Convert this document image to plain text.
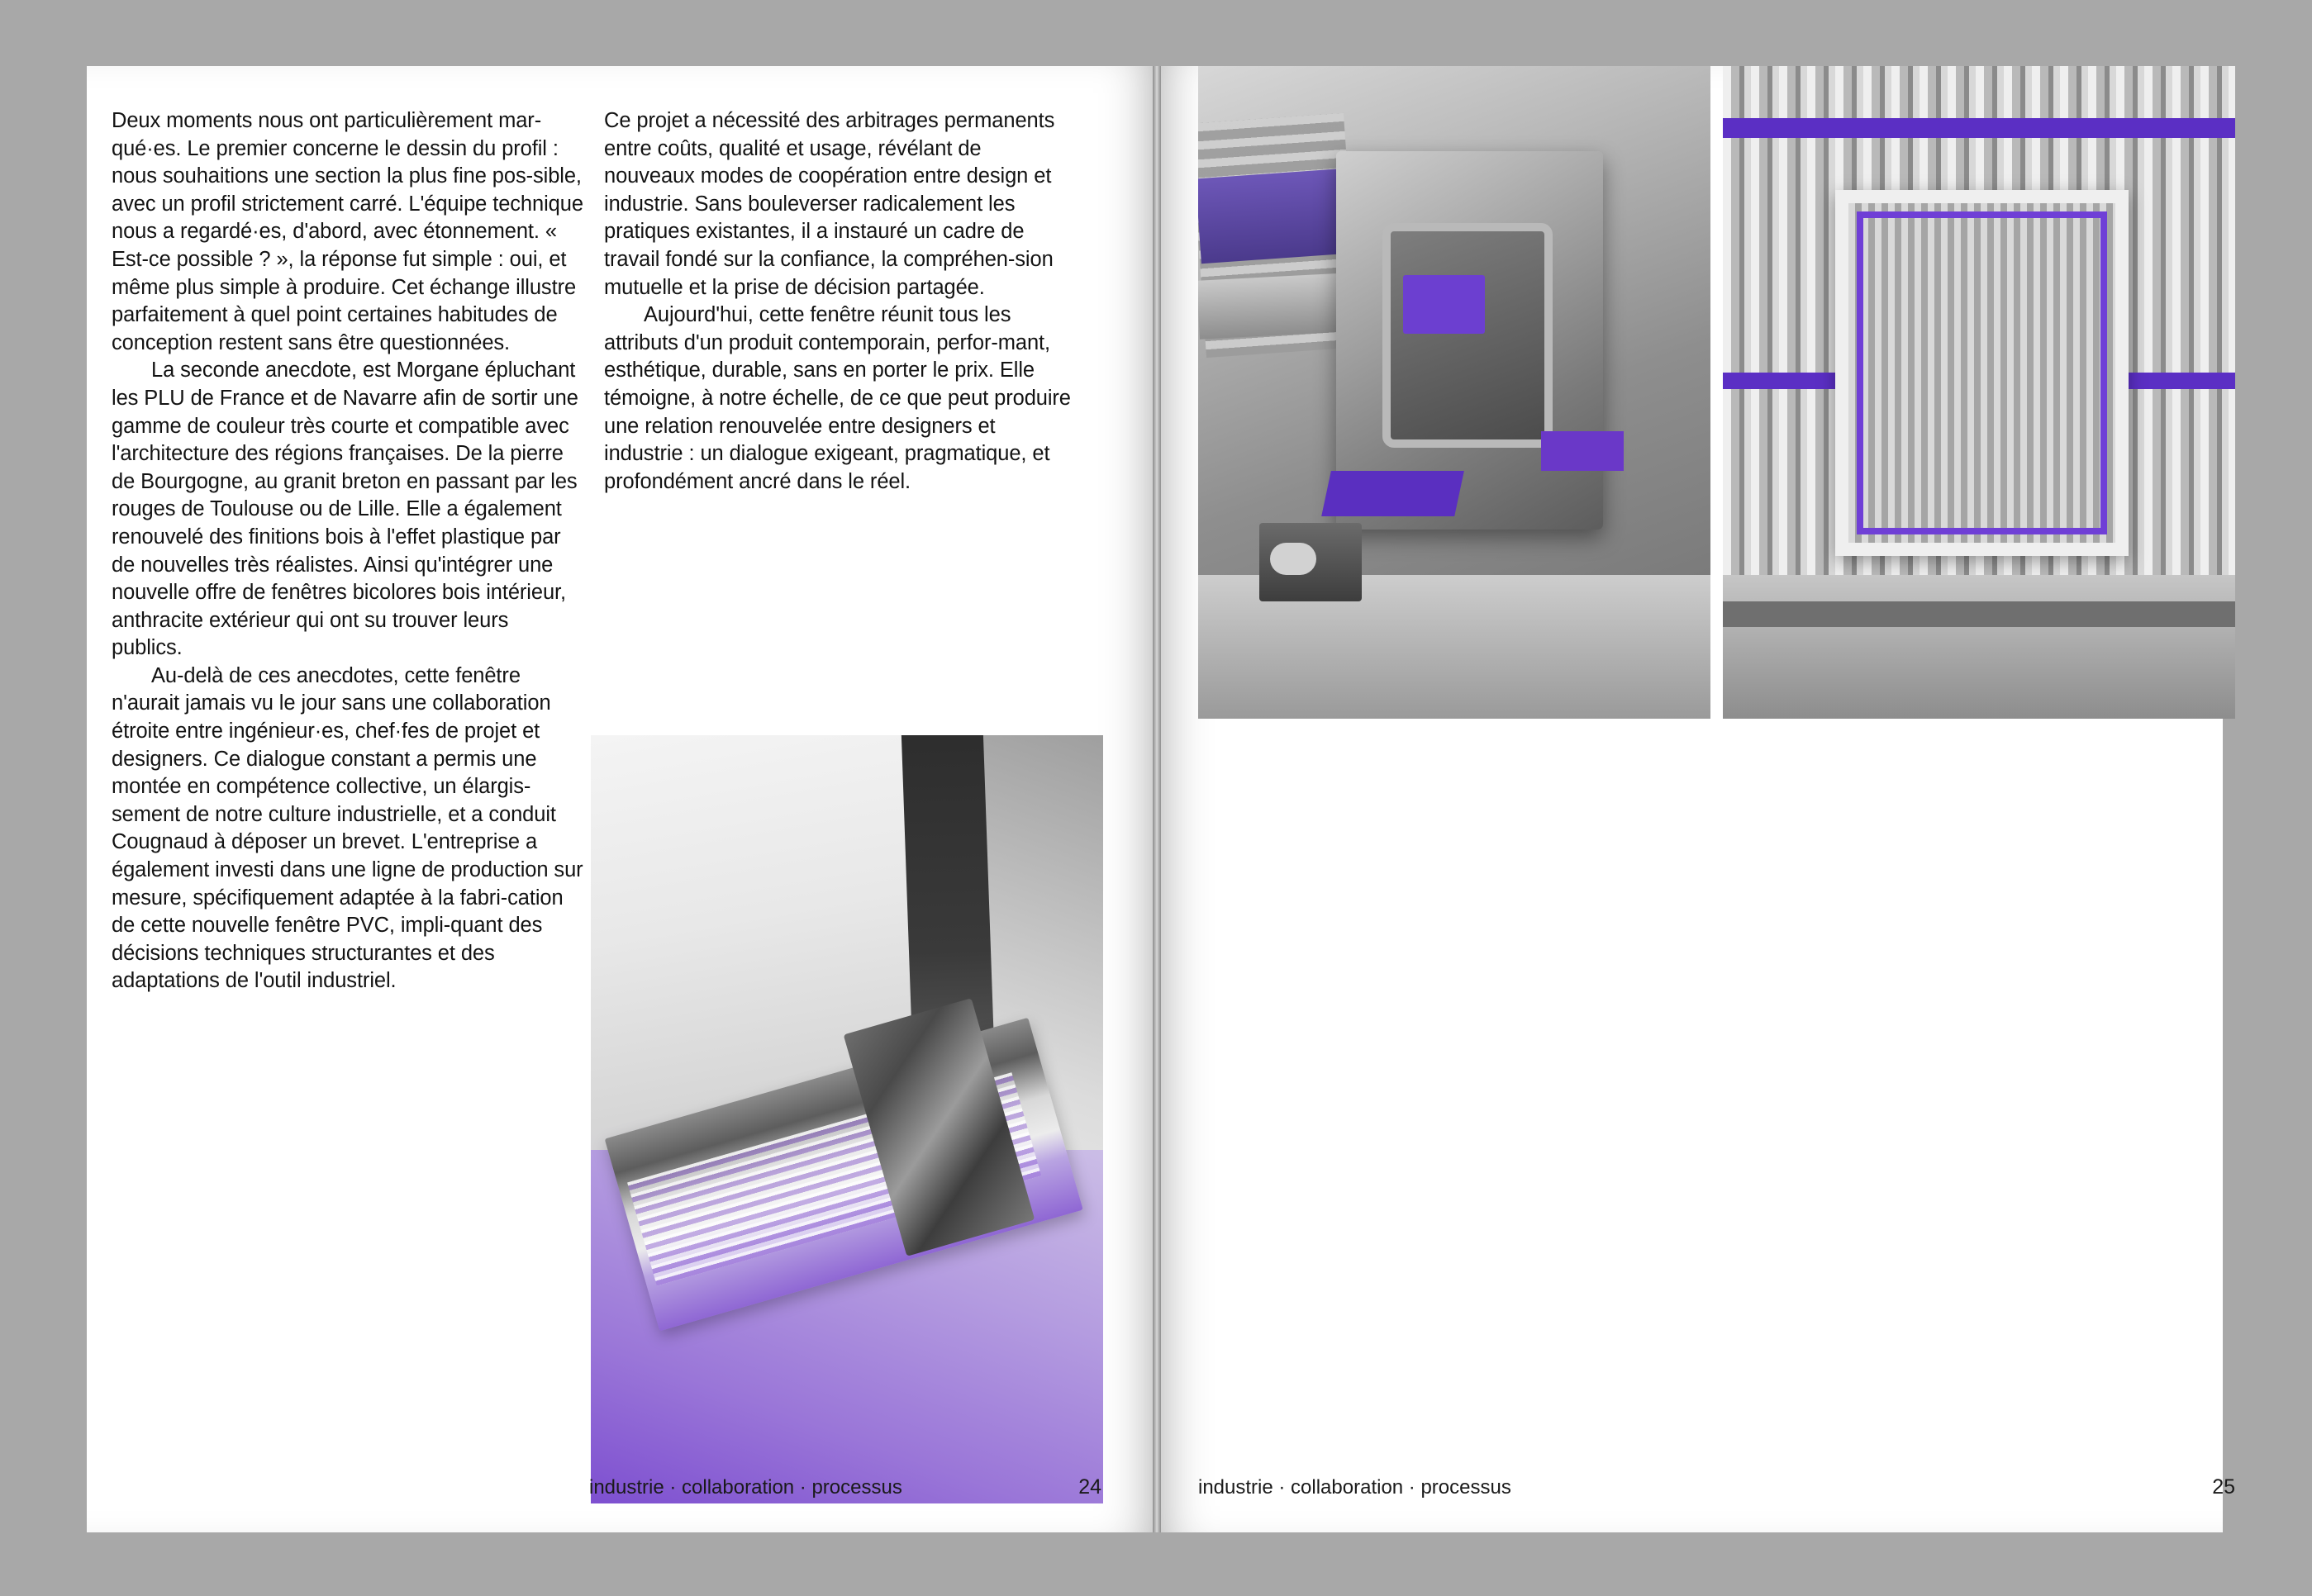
Deux moments nous ont particulièrement mar-qué·es. Le premier concerne le dessin du profil : nous souhaitions une section la plus fine pos-sible, avec un profil strictement carré. L'équipe technique nous a regardé·es, d'abord, avec étonnement. « Est-ce possible ? », la réponse fut simple : oui, et même plus simple à produire. Cet échange illustre parfaitement à quel point certaines habitudes de conception restent sans être questionnées.

La seconde anecdote, est Morgane épluchant les PLU de France et de Navarre afin de sortir une gamme de couleur très courte et compatible avec l'architecture des régions françaises. De la pierre de Bourgogne, au granit breton en passant par les rouges de Toulouse ou de Lille. Elle a également renouvelé des finitions bois à l'effet plastique par de nouvelles très réalistes. Ainsi qu'intégrer une nouvelle offre de fenêtres bicolores bois intérieur, anthracite extérieur qui ont su trouver leurs publics.

Au-delà de ces anecdotes, cette fenêtre n'aurait jamais vu le jour sans une collaboration étroite entre ingénieur·es, chef·fes de projet et designers. Ce dialogue constant a permis une montée en compétence collective, un élargis-sement de notre culture industrielle, et a conduit Cougnaud à déposer un brevet. L'entreprise a également investi dans une ligne de production sur mesure, spécifiquement adaptée à la fabri-cation de cette nouvelle fenêtre PVC, impli-quant des décisions techniques structurantes et des adaptations de l'outil industriel.

Ce projet a nécessité des arbitrages permanents entre coûts, qualité et usage, révélant de nouveaux modes de coopération entre design et industrie. Sans bouleverser radicalement les pratiques existantes, il a instauré un cadre de travail fondé sur la confiance, la compréhen-sion mutuelle et la prise de décision partagée.

Aujourd'hui, cette fenêtre réunit tous les attributs d'un produit contemporain, perfor-mant, esthétique, durable, sans en porter le prix. Elle témoigne, à notre échelle, de ce que peut produire une relation renouvelée entre designers et industrie : un dialogue exigeant, pragmatique, et profondément ancré dans le réel.

industrie · collaboration · processus	24	industrie · collaboration · processus	25
